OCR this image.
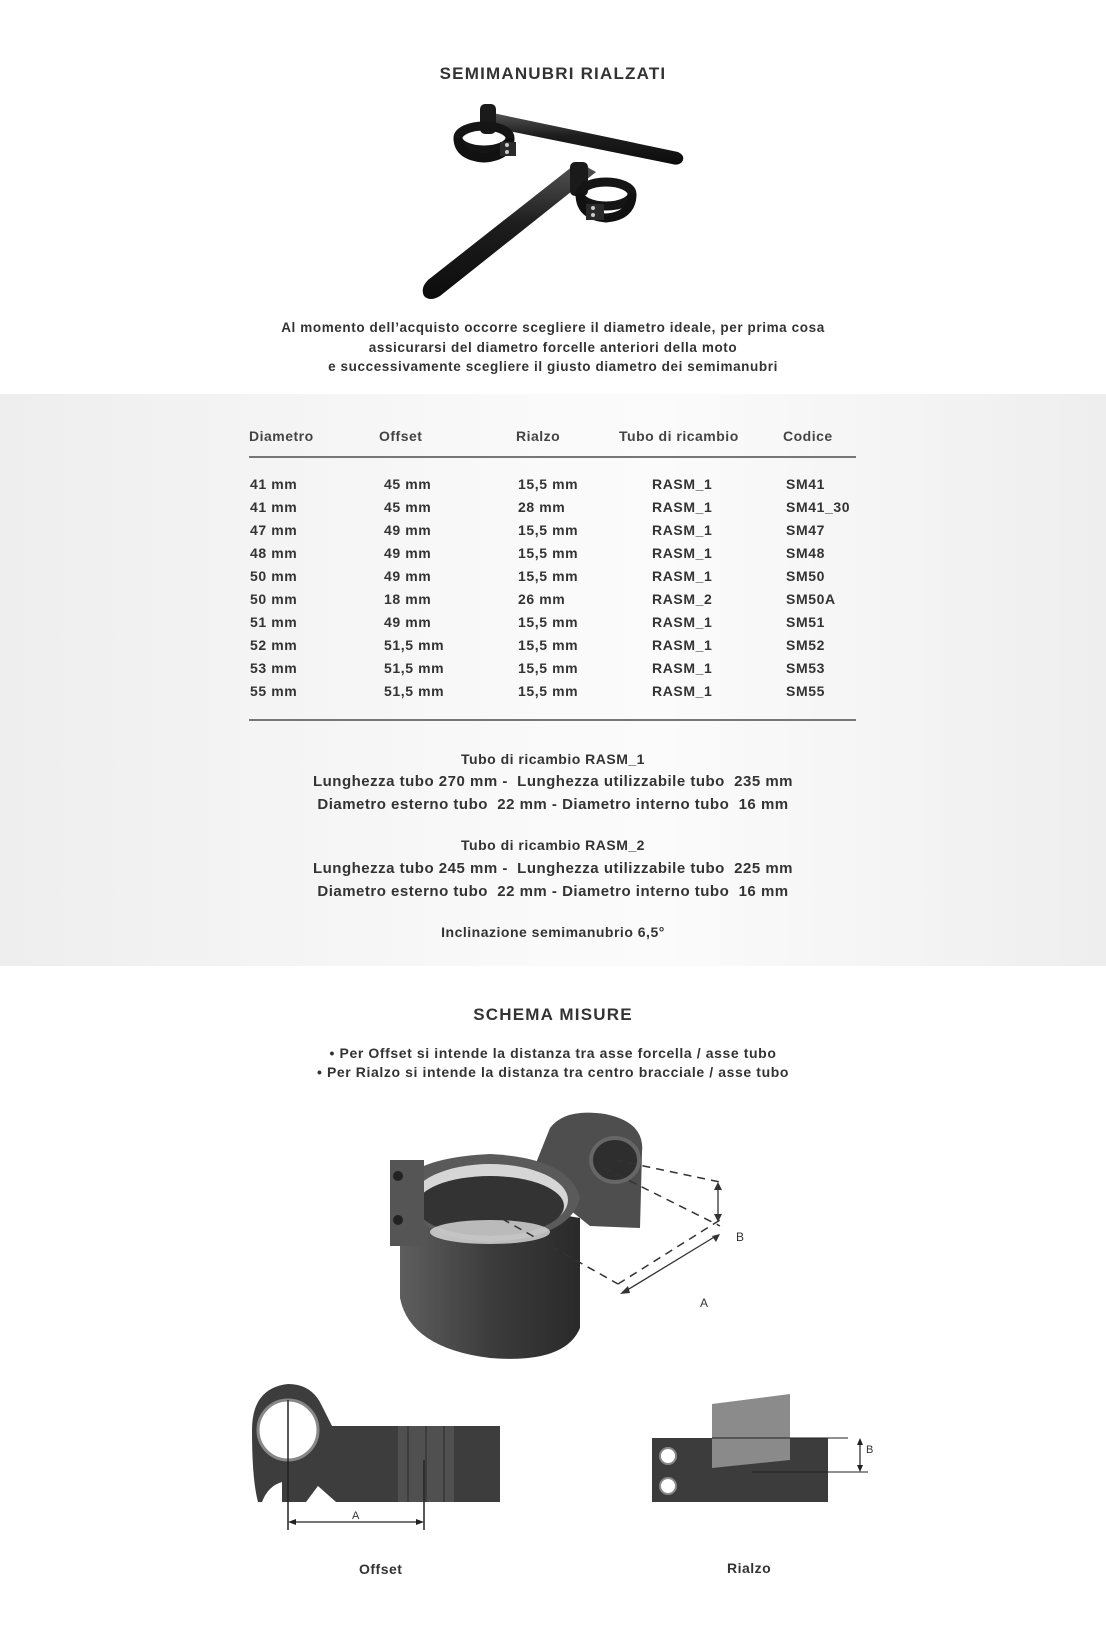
SEMIMANUBRI RIALZATI
Al momento dell’acquisto occorre scegliere il diametro ideale, per prima cosa
assicurarsi del diametro forcelle anteriori della moto
e successivamente scegliere il giusto diametro dei semimanubri
Diametro	Offset	Rialzo	Tubo di ricambio	Codice
41 mm	45 mm	15,5 mm	RASM_1	SM41
41 mm	45 mm	28 mm	RASM_1	SM41_30
47 mm	49 mm	15,5 mm	RASM_1	SM47
48 mm	49 mm	15,5 mm	RASM_1	SM48
50 mm	49 mm	15,5 mm	RASM_1	SM50
50 mm	18 mm	26 mm	RASM_2	SM50A
51 mm	49 mm	15,5 mm	RASM_1	SM51
52 mm	51,5 mm	15,5 mm	RASM_1	SM52
53 mm	51,5 mm	15,5 mm	RASM_1	SM53
55 mm	51,5 mm	15,5 mm	RASM_1	SM55
Tubo di ricambio RASM_1
Lunghezza tubo 270 mm -  Lunghezza utilizzabile tubo  235 mm
Diametro esterno tubo  22 mm - Diametro interno tubo  16 mm
Tubo di ricambio RASM_2
Lunghezza tubo 245 mm -  Lunghezza utilizzabile tubo  225 mm
Diametro esterno tubo  22 mm - Diametro interno tubo  16 mm
Inclinazione semimanubrio 6,5°
SCHEMA MISURE
• Per Offset si intende la distanza tra asse forcella / asse tubo
• Per Rialzo si intende la distanza tra centro bracciale / asse tubo
B
A
A
B
Offset	Rialzo
